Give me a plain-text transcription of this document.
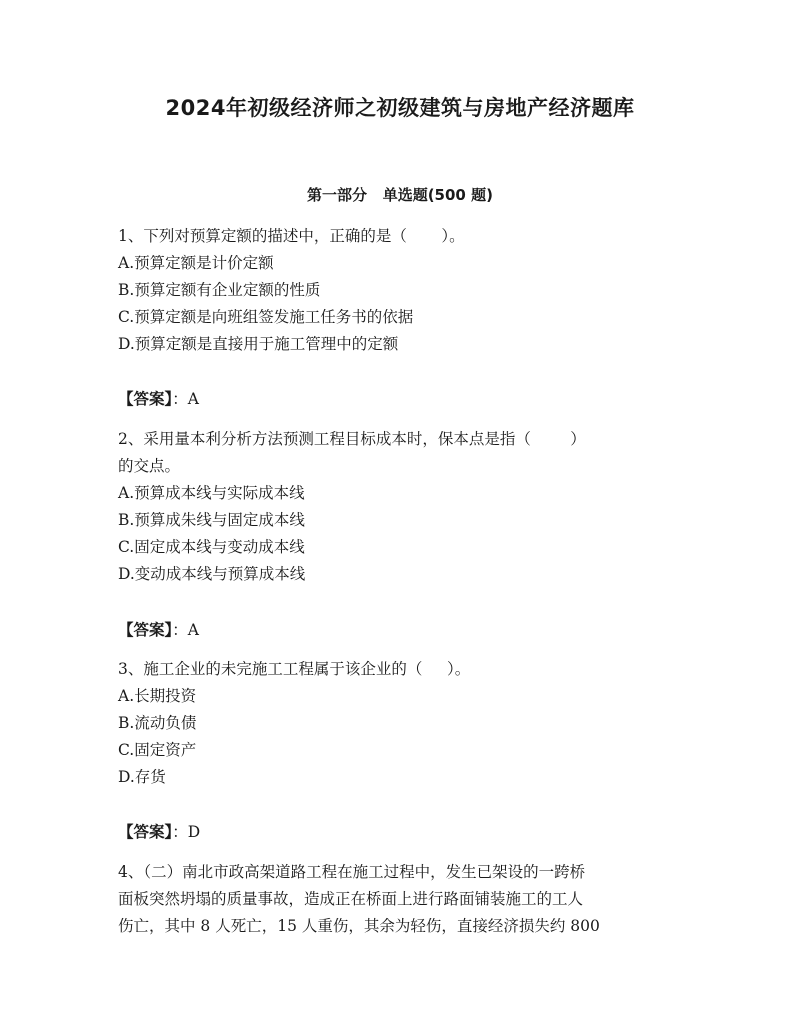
2024年初级经济师之初级建筑与房地产经济题库
第一部分   单选题(500 题)
1、下列对预算定额的描述中，正确的是（       ）。
A.预算定额是计价定额
B.预算定额有企业定额的性质
C.预算定额是向班组签发施工任务书的依据
D.预算定额是直接用于施工管理中的定额
【答案】：A
2、采用量本利分析方法预测工程目标成本时，保本点是指（        ）
的交点。
A.预算成本线与实际成本线
B.预算成朱线与固定成本线
C.固定成本线与变动成本线
D.变动成本线与预算成本线
【答案】：A
3、施工企业的未完施工工程属于该企业的（     ）。
A.长期投资
B.流动负债
C.固定资产
D.存货
【答案】：D
4、（二）南北市政高架道路工程在施工过程中，发生已架设的一跨桥
面板突然坍塌的质量事故，造成正在桥面上进行路面铺装施工的工人
伤亡，其中 8 人死亡，15 人重伤，其余为轻伤，直接经济损失约 800
